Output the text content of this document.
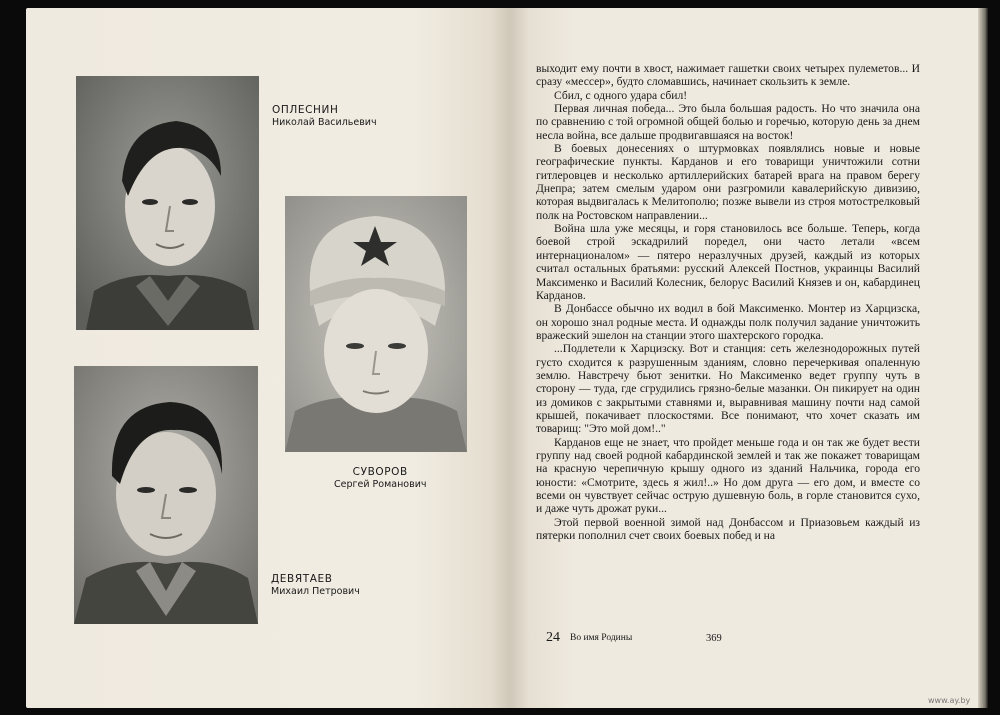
ОПЛЕСНИН
Николай Васильевич
СУВОРОВ
Сергей Романович
ДЕВЯТАЕВ
Михаил Петрович

выходит ему почти в хвост, нажимает гашетки своих четырех пулеметов... И сразу «мессер», будто сломавшись, начинает скользить к земле.

Сбил, с одного удара сбил!

Первая личная победа... Это была большая радость. Но что значила она по сравнению с той огромной общей болью и горечью, которую день за днем несла война, все дальше продвигавшаяся на восток!

В боевых донесениях о штурмовках появлялись новые и новые географические пункты. Карданов и его товарищи уничтожили сотни гитлеровцев и несколько артиллерийских батарей врага на правом берегу Днепра; затем смелым ударом они разгромили кавалерийскую дивизию, которая выдвигалась к Мелитополю; позже вывели из строя мотострелковый полк на Ростовском направлении...

Война шла уже месяцы, и горя становилось все больше. Теперь, когда боевой строй эскадрилий поредел, они часто летали «всем интернационалом» — пятеро неразлучных друзей, каждый из которых считал остальных братьями: русский Алексей Постнов, украинцы Василий Максименко и Василий Колесник, белорус Василий Князев и он, кабардинец Карданов.

В Донбассе обычно их водил в бой Максименко. Монтер из Харцизска, он хорошо знал родные места. И однажды полк получил задание уничтожить вражеский эшелон на станции этого шахтерского городка.

...Подлетели к Харцизску. Вот и станция: сеть железнодорожных путей густо сходится к разрушенным зданиям, словно перечеркивая опаленную землю. Навстречу бьют зенитки. Но Максименко ведет группу чуть в сторону — туда, где сгрудились грязно-белые мазанки. Он пикирует на один из домиков с закрытыми ставнями и, выравнивая машину почти над самой крышей, покачивает плоскостями. Все понимают, что хочет сказать им товарищ: "Это мой дом!.."

Карданов еще не знает, что пройдет меньше года и он так же будет вести группу над своей родной кабардинской землей и так же покажет товарищам на красную черепичную крышу одного из зданий Нальчика, города его юности: «Смотрите, здесь я жил!..» Но дом друга — его дом, и вместе со всеми он чувствует сейчас острую душевную боль, в горле становится сухо, и даже чуть дрожат руки...

Этой первой военной зимой над Донбассом и Приазовьем каждый из пятерки пополнил счет своих боевых побед и на

24 Во имя Родины	369
www.ay.by
